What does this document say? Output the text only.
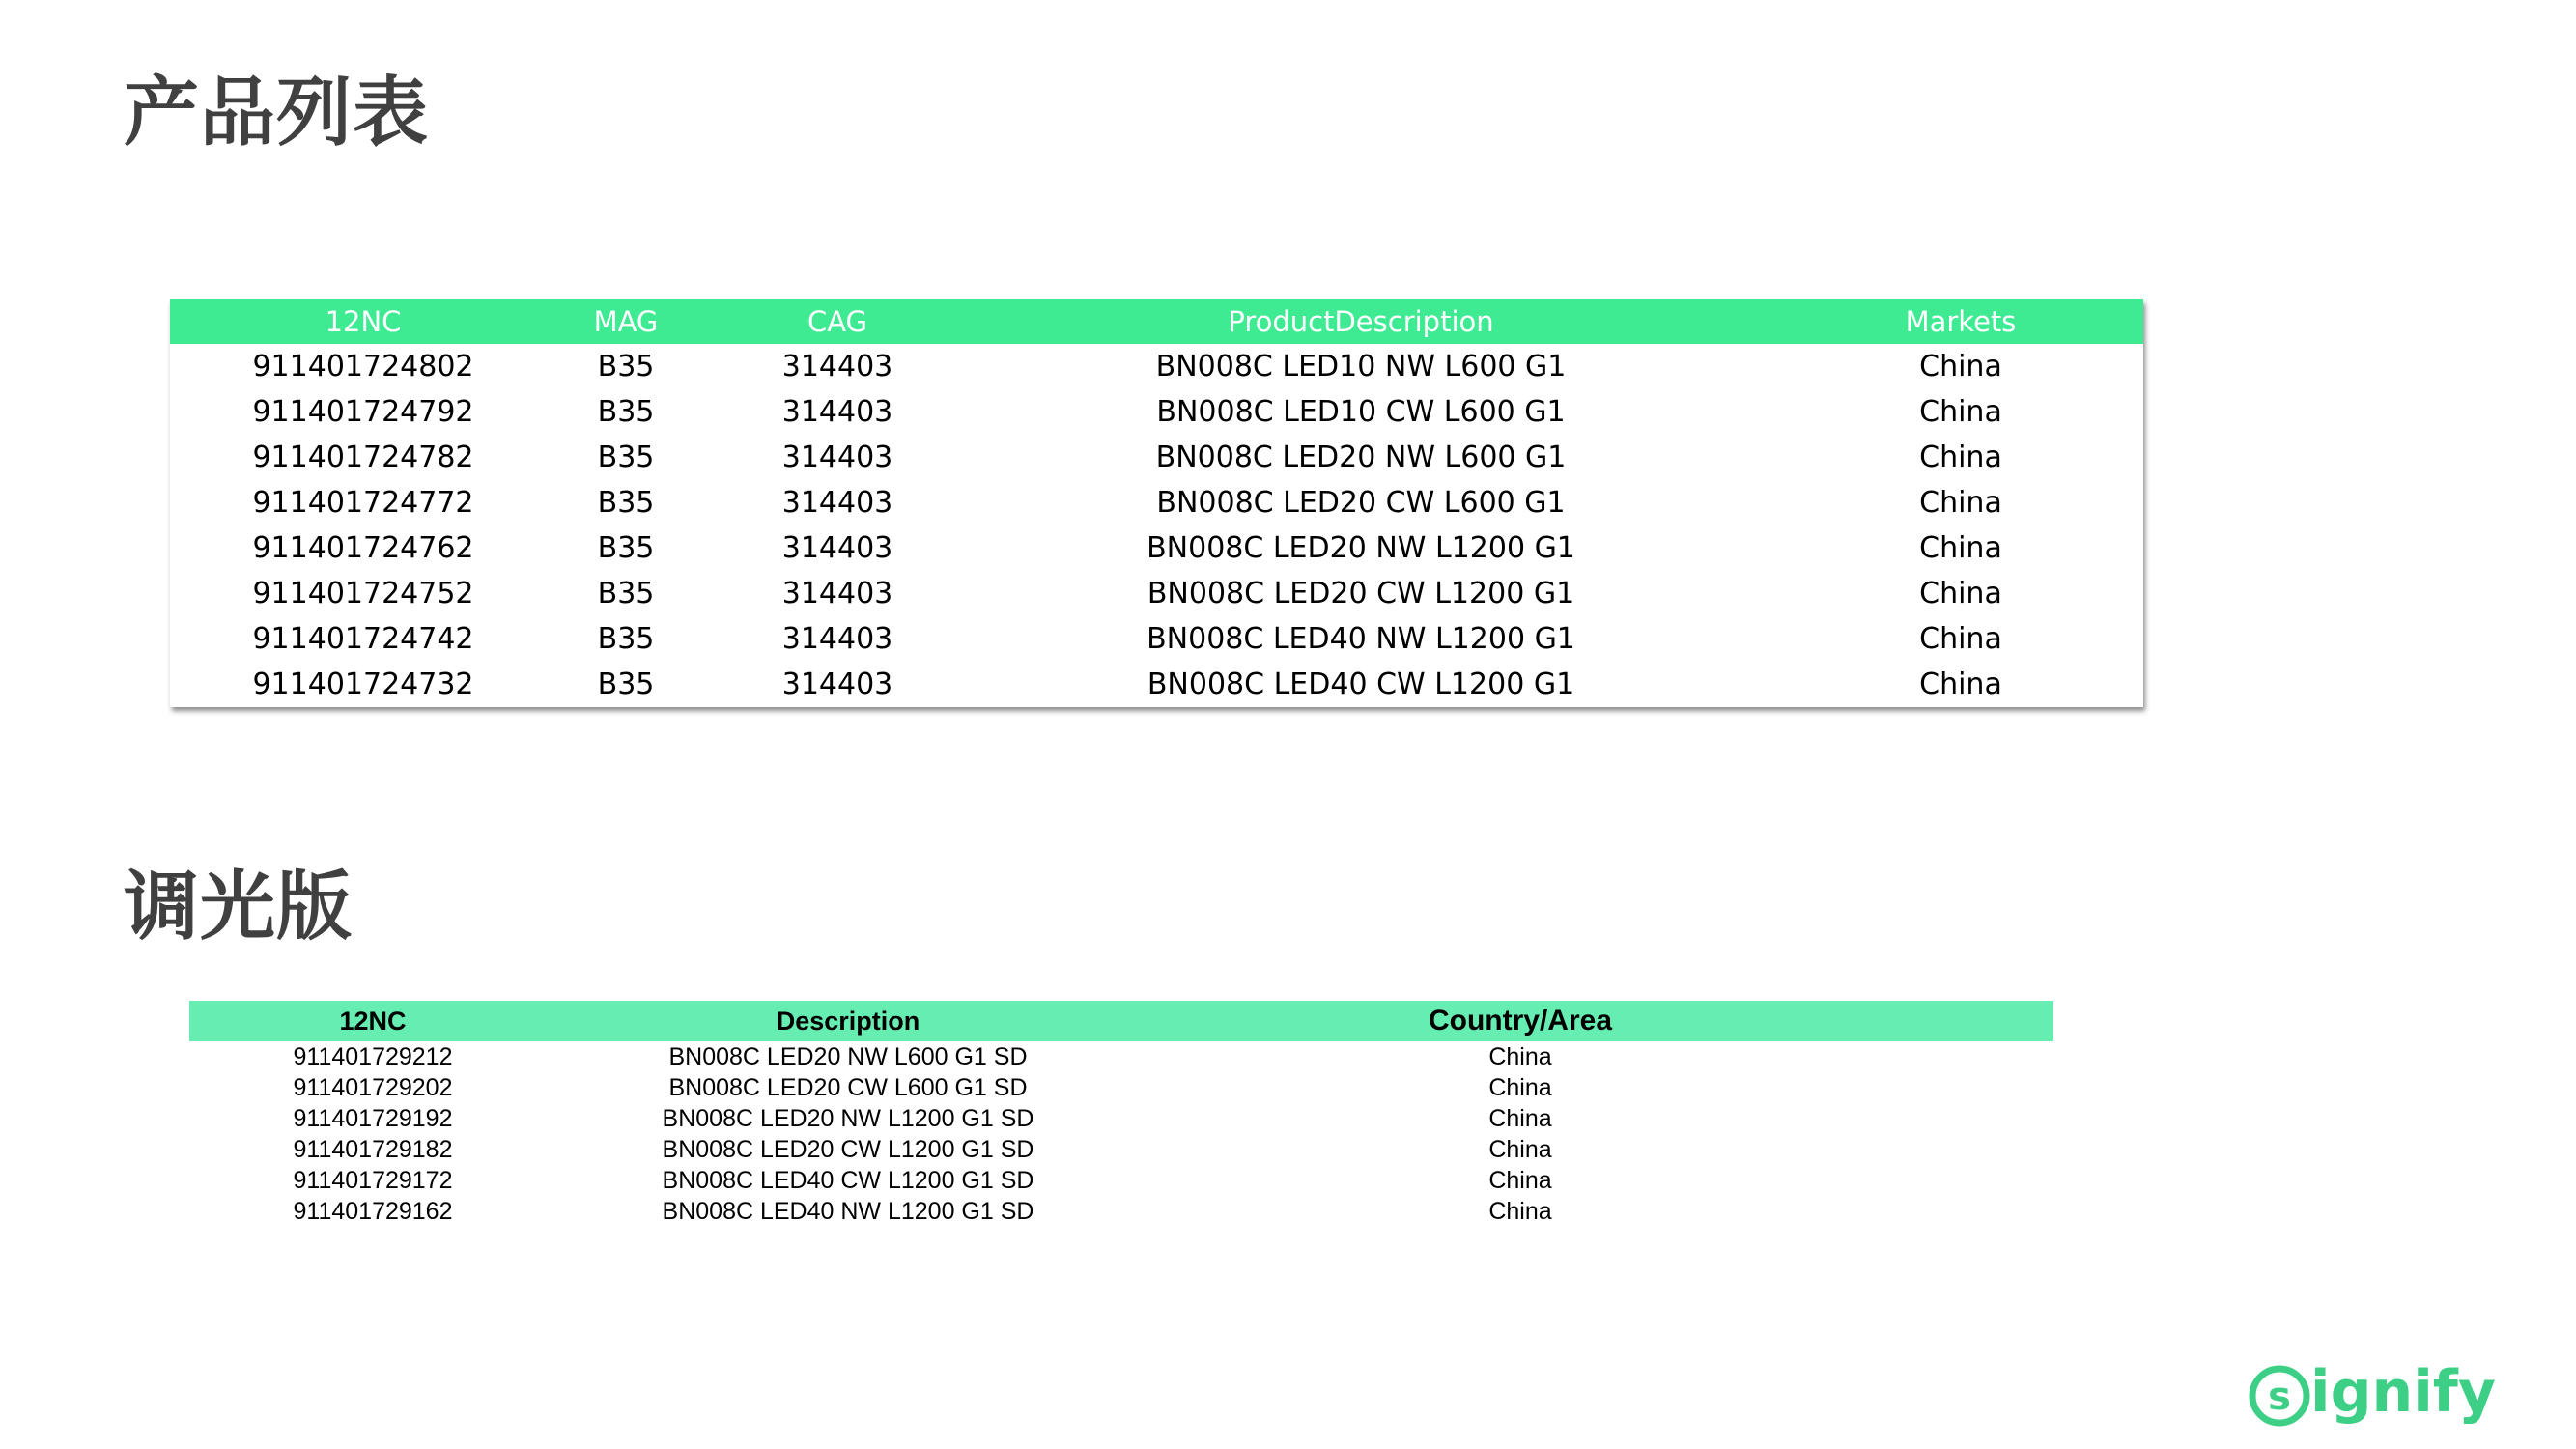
产品列表
12NC	MAG	CAG	ProductDescription	Markets
911401724802	B35	314403	BN008C LED10 NW L600 G1	China
911401724792	B35	314403	BN008C LED10 CW L600 G1	China
911401724782	B35	314403	BN008C LED20 NW L600 G1	China
911401724772	B35	314403	BN008C LED20 CW L600 G1	China
911401724762	B35	314403	BN008C LED20 NW L1200 G1	China
911401724752	B35	314403	BN008C LED20 CW L1200 G1	China
911401724742	B35	314403	BN008C LED40 NW L1200 G1	China
911401724732	B35	314403	BN008C LED40 CW L1200 G1	China
调光版
12NC	Description	Country/Area
911401729212	BN008C LED20 NW L600 G1 SD	China
911401729202	BN008C LED20 CW L600 G1 SD	China
911401729192	BN008C LED20 NW L1200 G1 SD	China
911401729182	BN008C LED20 CW L1200 G1 SD	China
911401729172	BN008C LED40 CW L1200 G1 SD	China
911401729162	BN008C LED40 NW L1200 G1 SD	China
s ignify
